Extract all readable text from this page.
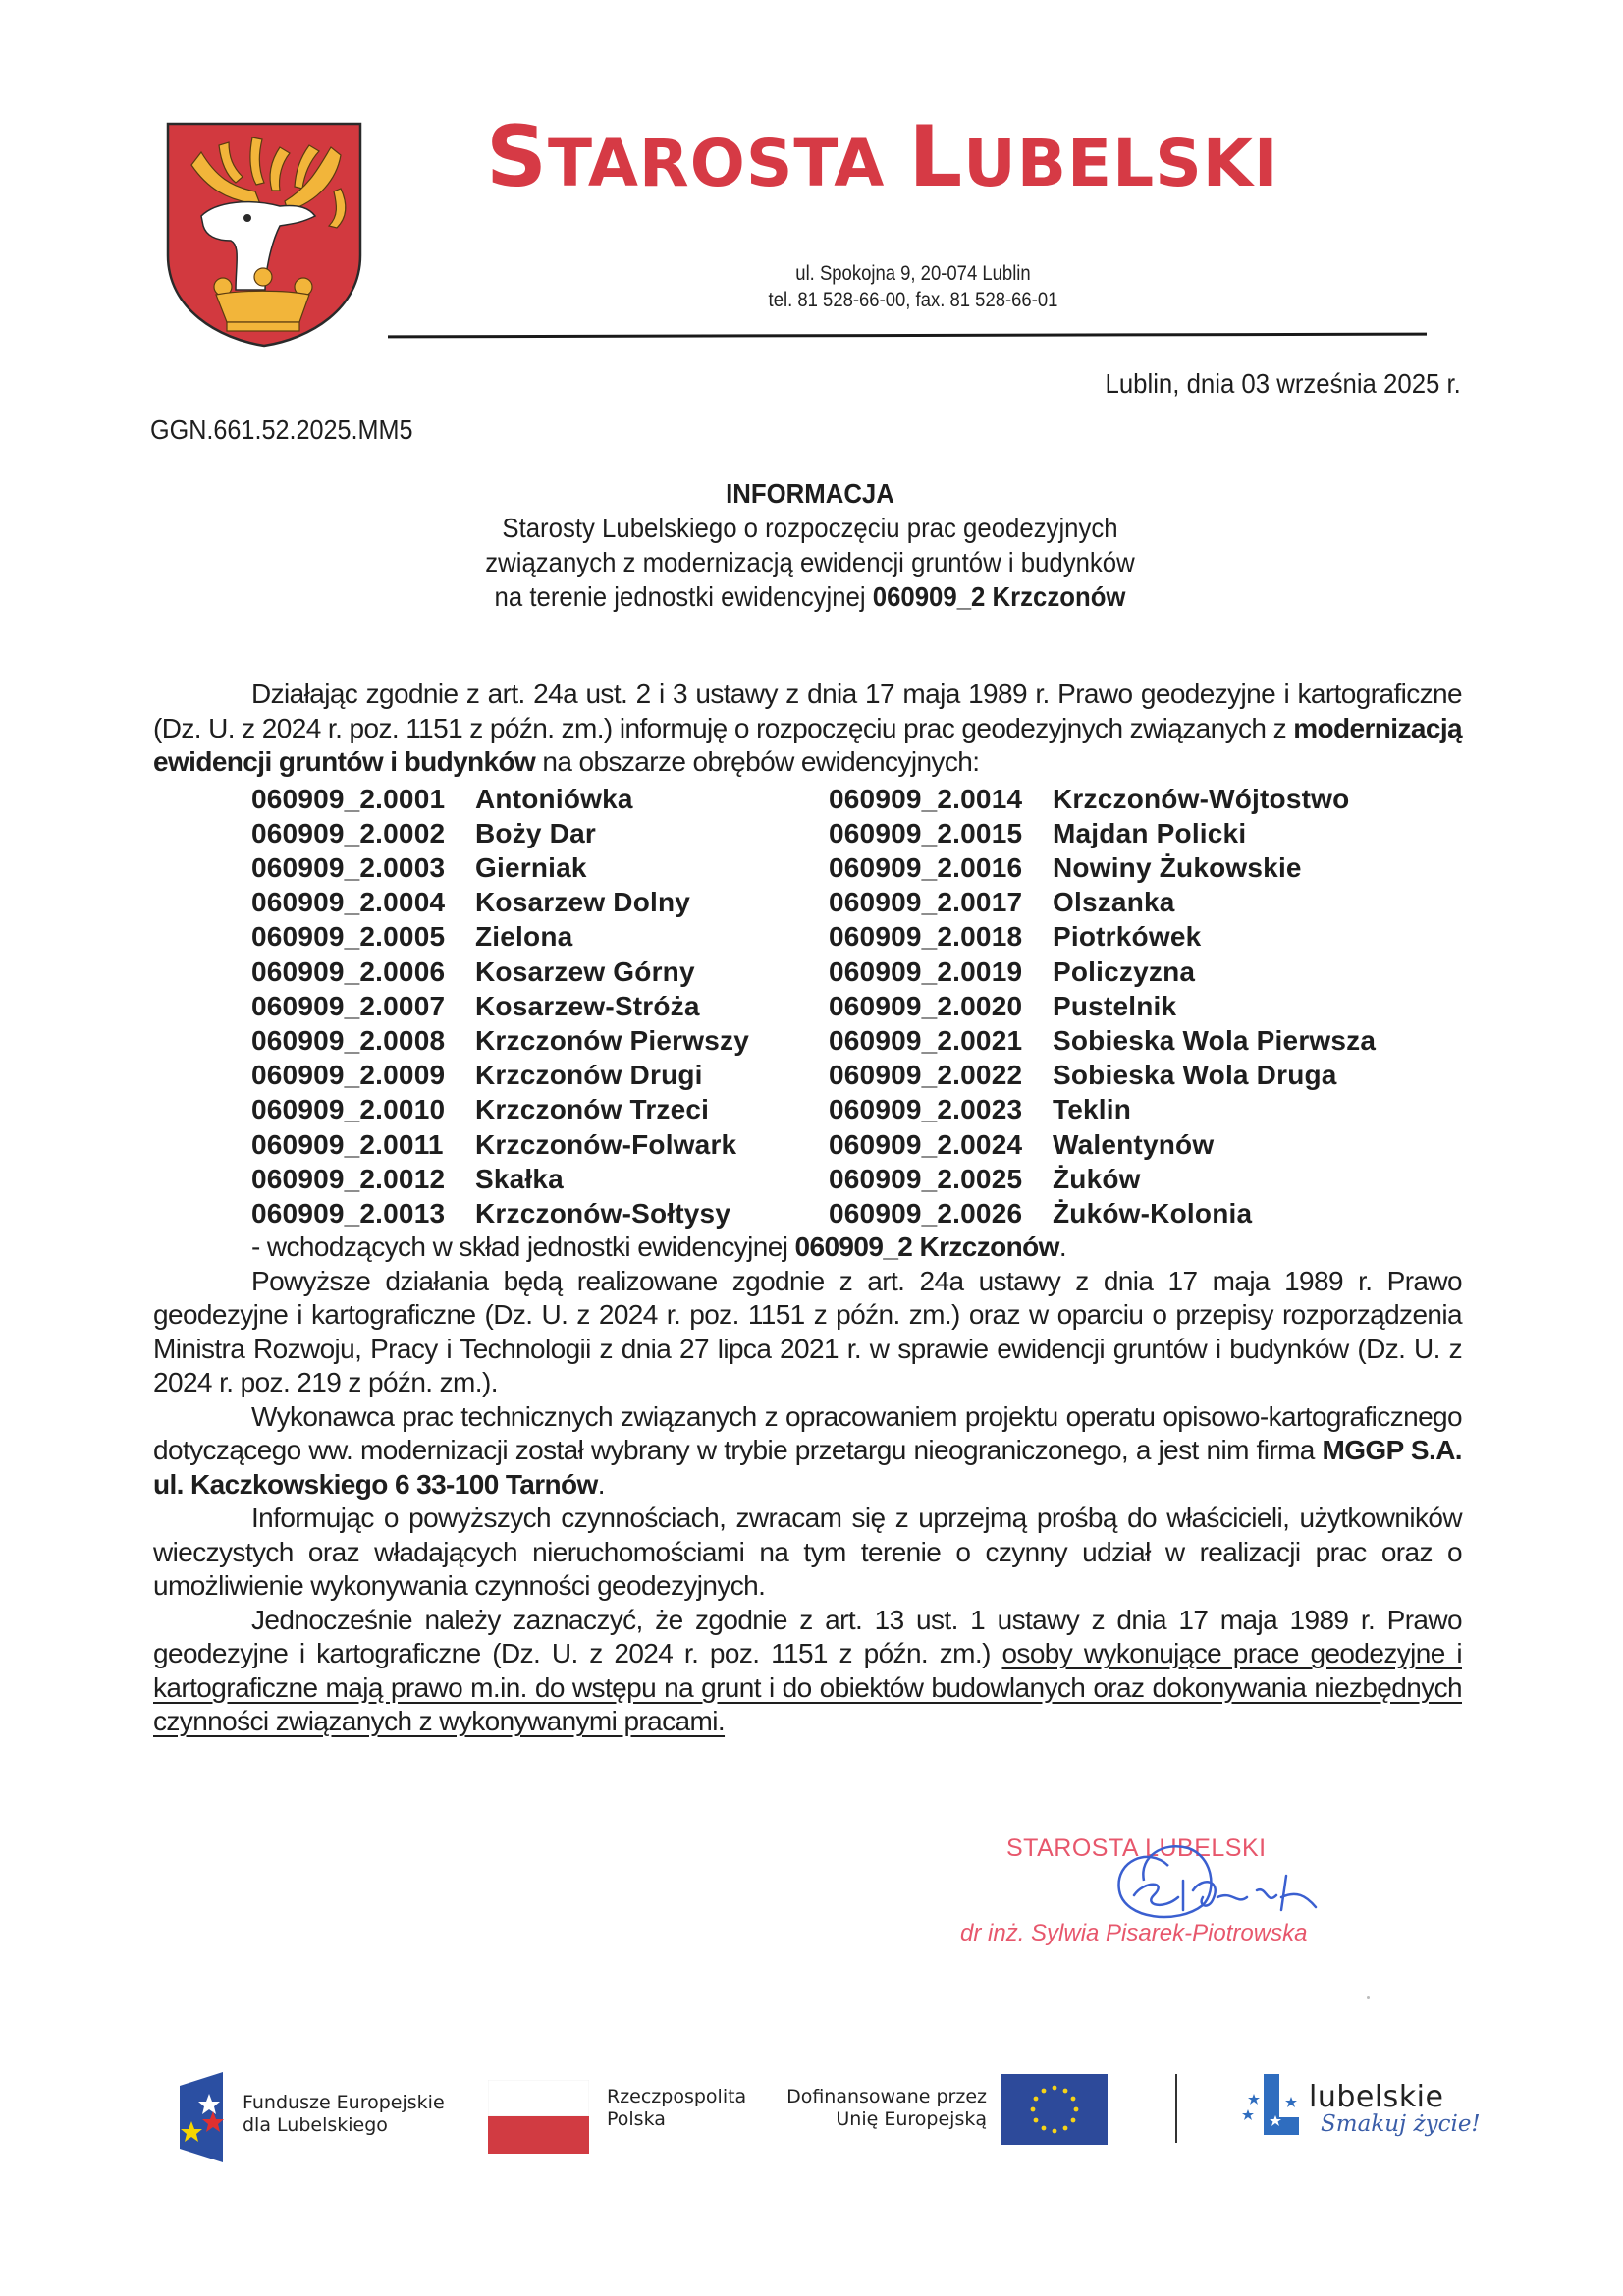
STAROSTA LUBELSKI
ul. Spokojna 9, 20-074 Lublin
tel. 81 528-66-00, fax. 81 528-66-01
Lublin, dnia 03 września 2025 r.
GGN.661.52.2025.MM5
INFORMACJA
Starosty Lubelskiego o rozpoczęciu prac geodezyjnych
związanych z modernizacją ewidencji gruntów i budynków
na terenie jednostki ewidencyjnej 060909_2 Krzczonów

Działając zgodnie z art. 24a ust. 2 i 3 ustawy z dnia 17 maja 1989 r. Prawo geodezyjne i kartograficzne (Dz. U. z 2024 r. poz. 1151 z późn. zm.) informuję o rozpoczęciu prac geodezyjnych związanych z modernizacją ewidencji gruntów i budynków na obszarze obrębów ewidencyjnych:

060909_2.0001 Antoniówka	060909_2.0014 Krzczonów-Wójtostwo
060909_2.0002 Boży Dar	060909_2.0015 Majdan Policki
060909_2.0003 Gierniak	060909_2.0016 Nowiny Żukowskie
060909_2.0004 Kosarzew Dolny	060909_2.0017 Olszanka
060909_2.0005 Zielona	060909_2.0018 Piotrkówek
060909_2.0006 Kosarzew Górny	060909_2.0019 Policzyzna
060909_2.0007 Kosarzew-Stróża	060909_2.0020 Pustelnik
060909_2.0008 Krzczonów Pierwszy	060909_2.0021 Sobieska Wola Pierwsza
060909_2.0009 Krzczonów Drugi	060909_2.0022 Sobieska Wola Druga
060909_2.0010 Krzczonów Trzeci	060909_2.0023 Teklin
060909_2.0011 Krzczonów-Folwark	060909_2.0024 Walentynów
060909_2.0012 Skałka	060909_2.0025 Żuków
060909_2.0013 Krzczonów-Sołtysy	060909_2.0026 Żuków-Kolonia
- wchodzących w skład jednostki ewidencyjnej 060909_2 Krzczonów.

Powyższe działania będą realizowane zgodnie z art. 24a ustawy z dnia 17 maja 1989 r. Prawo geodezyjne i kartograficzne (Dz. U. z 2024 r. poz. 1151 z późn. zm.) oraz w oparciu o przepisy rozporządzenia Ministra Rozwoju, Pracy i Technologii z dnia 27 lipca 2021 r. w sprawie ewidencji gruntów i budynków (Dz. U. z 2024 r. poz. 219 z późn. zm.).

Wykonawca prac technicznych związanych z opracowaniem projektu operatu opisowo-kartograficznego dotyczącego ww. modernizacji został wybrany w trybie przetargu nieograniczonego, a jest nim firma MGGP S.A. ul. Kaczkowskiego 6 33-100 Tarnów.

Informując o powyższych czynnościach, zwracam się z uprzejmą prośbą do właścicieli, użytkowników wieczystych oraz władających nieruchomościami na tym terenie o czynny udział w realizacji prac oraz o umożliwienie wykonywania czynności geodezyjnych.

Jednocześnie należy zaznaczyć, że zgodnie z art. 13 ust. 1 ustawy z dnia 17 maja 1989 r. Prawo geodezyjne i kartograficzne (Dz. U. z 2024 r. poz. 1151 z późn. zm.) osoby wykonujące prace geodezyjne i kartograficzne mają prawo m.in. do wstępu na grunt i do obiektów budowlanych oraz dokonywania niezbędnych czynności związanych z wykonywanymi pracami.

STAROSTA LUBELSKI
dr inż. Sylwia Pisarek-Piotrowska
Fundusze Europejskie
dla Lubelskiego
Rzeczpospolita
Polska
Dofinansowane przez
Unię Europejską
lubelskie
Smakuj życie!
